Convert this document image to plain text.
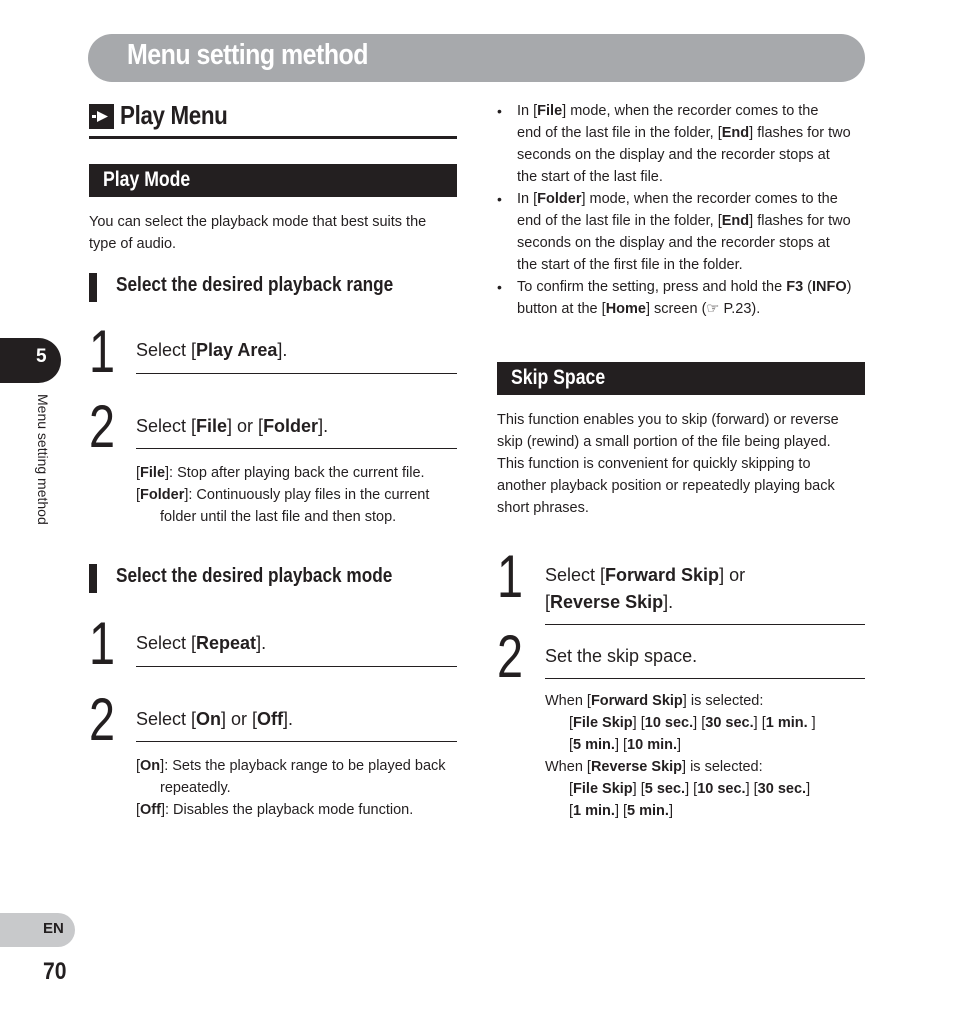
Menu setting method
Play Menu
Play Mode
You can select the playback mode that best suits the type of audio.
Select the desired playback range
1 Select [Play Area].
2 Select [File] or [Folder].
[File]: Stop after playing back the current file.
[Folder]: Continuously play files in the current
folder until the last file and then stop.
Select the desired playback mode
1 Select [Repeat].
2 Select [On] or [Off].
[On]: Sets the playback range to be played back
repeatedly.
[Off]: Disables the playback mode function.
• In [File] mode, when the recorder comes to the
end of the last file in the folder, [End] flashes for two
seconds on the display and the recorder stops at
the start of the last file.
• In [Folder] mode, when the recorder comes to the
end of the last file in the folder, [End] flashes for two
seconds on the display and the recorder stops at
the start of the first file in the folder.
• To confirm the setting, press and hold the F3 (INFO)
button at the [Home] screen (☞ P.23).
Skip Space
This function enables you to skip (forward) or reverse
skip (rewind) a small portion of the file being played.
This function is convenient for quickly skipping to
another playback position or repeatedly playing back
short phrases.
1 Select [Forward Skip] or
[Reverse Skip].
2 Set the skip space.
When [Forward Skip] is selected:
[File Skip] [10 sec.] [30 sec.] [1 min. ]
[5 min.] [10 min.]
When [Reverse Skip] is selected:
[File Skip] [5 sec.] [10 sec.] [30 sec.]
[1 min.] [5 min.]
5
Menu setting method
EN
70
